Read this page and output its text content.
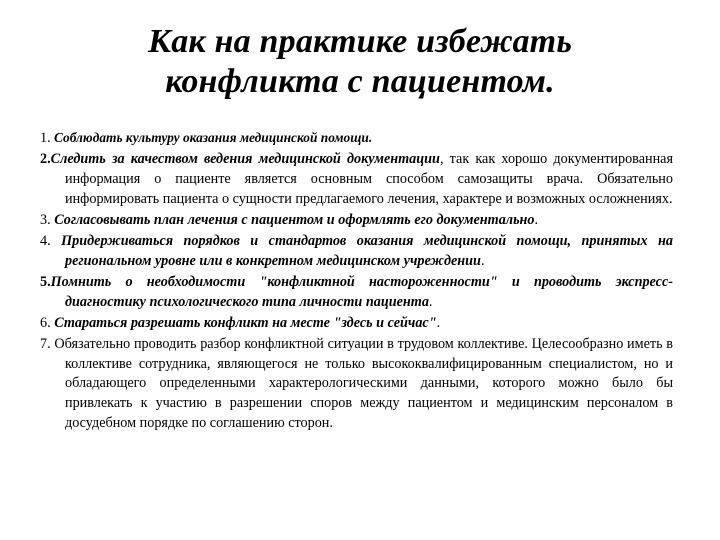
Как на практике избежать
конфликта с пациентом.

1. Соблюдать культуру оказания медицинской помощи.

2.Следить за качеством ведения медицинской документации, так как хорошо документированная информация о пациенте является основным способом самозащиты врача. Обязательно информировать пациента о сущности предлагаемого лечения, характере и возможных осложнениях.

3. Согласовывать план лечения с пациентом и оформлять его документально.

4. Придерживаться порядков и стандартов оказания медицинской помощи, принятых на региональном уровне или в конкретном медицинском учреждении.

5.Помнить о необходимости "конфликтной настороженности" и проводить экспресс-диагностику психологического типа личности пациента.

6. Стараться разрешать конфликт на месте "здесь и сейчас".

7. Обязательно проводить разбор конфликтной ситуации в трудовом коллективе. Целесообразно иметь в коллективе сотрудника, являющегося не только высококвалифицированным специалистом, но и обладающего определенными характерологическими данными, которого можно было бы привлекать к участию в разрешении споров между пациентом и медицинским персоналом в досудебном порядке по соглашению сторон.
